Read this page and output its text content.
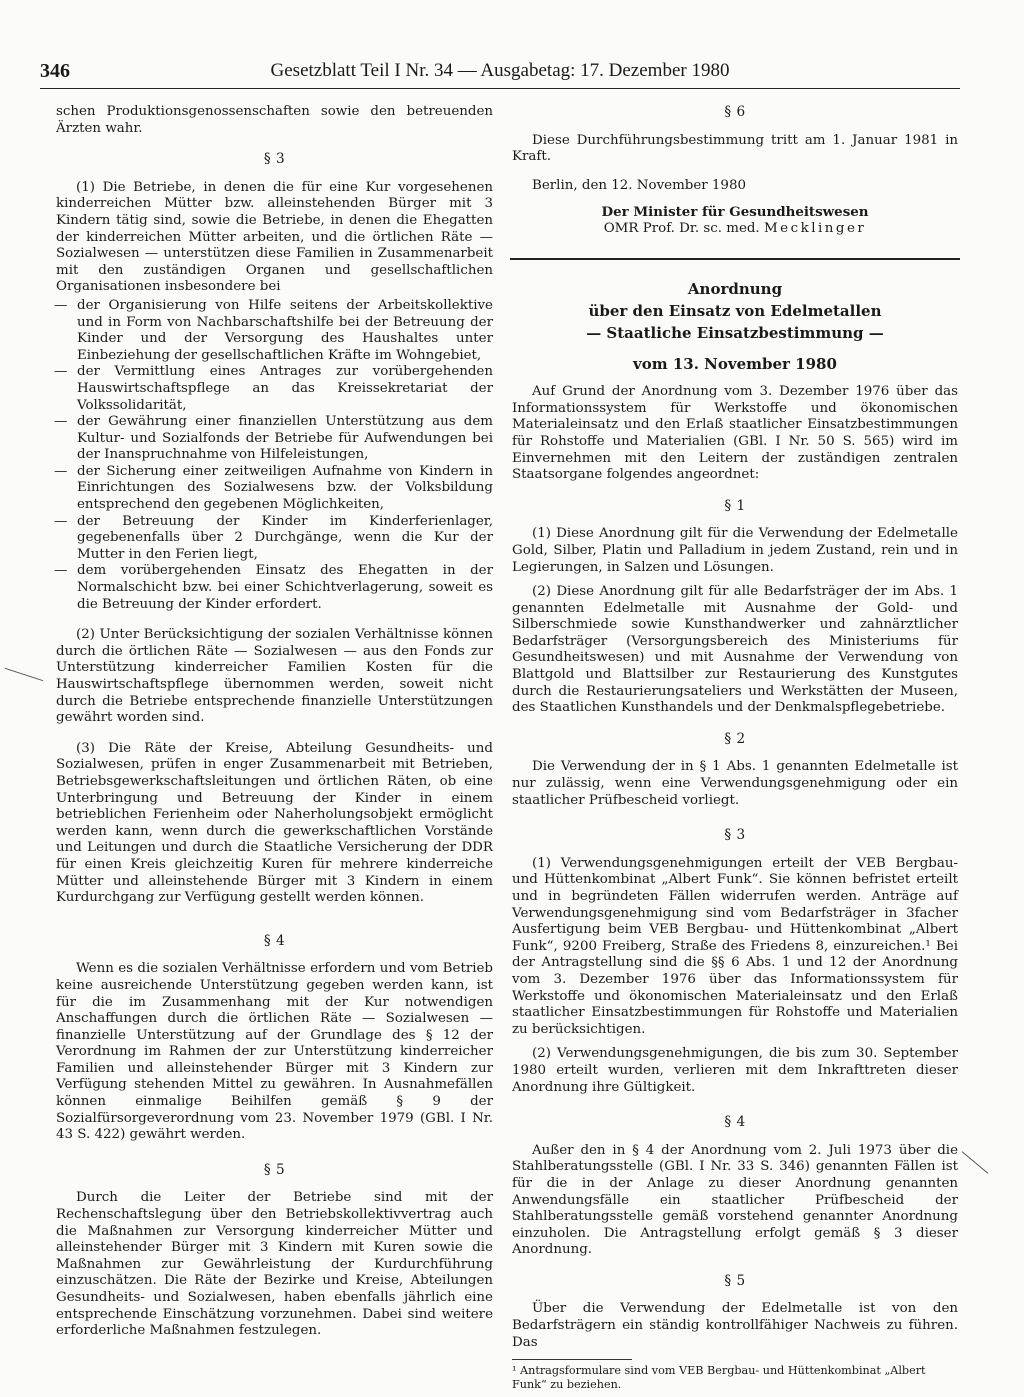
346	Gesetzblatt Teil I Nr. 34 — Ausgabetag: 17. Dezember 1980

schen Produktionsgenossenschaften sowie den betreuenden Ärzten wahr.

§ 3

(1) Die Betriebe, in denen die für eine Kur vorgesehenen kinderreichen Mütter bzw. alleinstehenden Bürger mit 3 Kindern tätig sind, sowie die Betriebe, in denen die Ehegatten der kinderreichen Mütter arbeiten, und die örtlichen Räte — Sozialwesen — unterstützen diese Familien in Zusammenarbeit mit den zuständigen Organen und gesellschaftlichen Organisationen insbesondere bei

— der Organisierung von Hilfe seitens der Arbeitskollektive und in Form von Nachbarschaftshilfe bei der Betreuung der Kinder und der Versorgung des Haushaltes unter Einbeziehung der gesellschaftlichen Kräfte im Wohngebiet,
— der Vermittlung eines Antrages zur vorübergehenden Hauswirtschaftspflege an das Kreissekretariat der Volkssolidarität,
— der Gewährung einer finanziellen Unterstützung aus dem Kultur- und Sozialfonds der Betriebe für Aufwendungen bei der Inanspruchnahme von Hilfeleistungen,
— der Sicherung einer zeitweiligen Aufnahme von Kindern in Einrichtungen des Sozialwesens bzw. der Volksbildung entsprechend den gegebenen Möglichkeiten,
— der Betreuung der Kinder im Kinderferienlager, gegebenenfalls über 2 Durchgänge, wenn die Kur der Mutter in den Ferien liegt,
— dem vorübergehenden Einsatz des Ehegatten in der Normalschicht bzw. bei einer Schichtverlagerung, soweit es die Betreuung der Kinder erfordert.

(2) Unter Berücksichtigung der sozialen Verhältnisse können durch die örtlichen Räte — Sozialwesen — aus den Fonds zur Unterstützung kinderreicher Familien Kosten für die Hauswirtschaftspflege übernommen werden, soweit nicht durch die Betriebe entsprechende finanzielle Unterstützungen gewährt worden sind.

(3) Die Räte der Kreise, Abteilung Gesundheits- und Sozialwesen, prüfen in enger Zusammenarbeit mit Betrieben, Betriebsgewerkschaftsleitungen und örtlichen Räten, ob eine Unterbringung und Betreuung der Kinder in einem betrieblichen Ferienheim oder Naherholungsobjekt ermöglicht werden kann, wenn durch die gewerkschaftlichen Vorstände und Leitungen und durch die Staatliche Versicherung der DDR für einen Kreis gleichzeitig Kuren für mehrere kinderreiche Mütter und alleinstehende Bürger mit 3 Kindern in einem Kurdurchgang zur Verfügung gestellt werden können.

§ 4

Wenn es die sozialen Verhältnisse erfordern und vom Betrieb keine ausreichende Unterstützung gegeben werden kann, ist für die im Zusammenhang mit der Kur notwendigen Anschaffungen durch die örtlichen Räte — Sozialwesen — finanzielle Unterstützung auf der Grundlage des § 12 der Verordnung im Rahmen der zur Unterstützung kinderreicher Familien und alleinstehender Bürger mit 3 Kindern zur Verfügung stehenden Mittel zu gewähren. In Ausnahmefällen können einmalige Beihilfen gemäß § 9 der Sozialfürsorgeverordnung vom 23. November 1979 (GBl. I Nr. 43 S. 422) gewährt werden.

§ 5

Durch die Leiter der Betriebe sind mit der Rechenschaftslegung über den Betriebskollektivvertrag auch die Maßnahmen zur Versorgung kinderreicher Mütter und alleinstehender Bürger mit 3 Kindern mit Kuren sowie die Maßnahmen zur Gewährleistung der Kurdurchführung einzuschätzen. Die Räte der Bezirke und Kreise, Abteilungen Gesundheits- und Sozialwesen, haben ebenfalls jährlich eine entsprechende Einschätzung vorzunehmen. Dabei sind weitere erforderliche Maßnahmen festzulegen.

§ 6

Diese Durchführungsbestimmung tritt am 1. Januar 1981 in Kraft.

Berlin, den 12. November 1980

Der Minister für Gesundheitswesen
OMR Prof. Dr. sc. med. Mecklinger
Anordnung
über den Einsatz von Edelmetallen
— Staatliche Einsatzbestimmung —
vom 13. November 1980

Auf Grund der Anordnung vom 3. Dezember 1976 über das Informationssystem für Werkstoffe und ökonomischen Materialeinsatz und den Erlaß staatlicher Einsatzbestimmungen für Rohstoffe und Materialien (GBl. I Nr. 50 S. 565) wird im Einvernehmen mit den Leitern der zuständigen zentralen Staatsorgane folgendes angeordnet:

§ 1

(1) Diese Anordnung gilt für die Verwendung der Edelmetalle Gold, Silber, Platin und Palladium in jedem Zustand, rein und in Legierungen, in Salzen und Lösungen.

(2) Diese Anordnung gilt für alle Bedarfsträger der im Abs. 1 genannten Edelmetalle mit Ausnahme der Gold- und Silberschmiede sowie Kunsthandwerker und zahnärztlicher Bedarfsträger (Versorgungsbereich des Ministeriums für Gesundheitswesen) und mit Ausnahme der Verwendung von Blattgold und Blattsilber zur Restaurierung des Kunstgutes durch die Restaurierungsateliers und Werkstätten der Museen, des Staatlichen Kunsthandels und der Denkmalspflegebetriebe.

§ 2

Die Verwendung der in § 1 Abs. 1 genannten Edelmetalle ist nur zulässig, wenn eine Verwendungsgenehmigung oder ein staatlicher Prüfbescheid vorliegt.

§ 3

(1) Verwendungsgenehmigungen erteilt der VEB Bergbau- und Hüttenkombinat „Albert Funk“. Sie können befristet erteilt und in begründeten Fällen widerrufen werden. Anträge auf Verwendungsgenehmigung sind vom Bedarfsträger in 3facher Ausfertigung beim VEB Bergbau- und Hüttenkombinat „Albert Funk“, 9200 Freiberg, Straße des Friedens 8, einzureichen.¹ Bei der Antragstellung sind die §§ 6 Abs. 1 und 12 der Anordnung vom 3. Dezember 1976 über das Informationssystem für Werkstoffe und ökonomischen Materialeinsatz und den Erlaß staatlicher Einsatzbestimmungen für Rohstoffe und Materialien zu berücksichtigen.

(2) Verwendungsgenehmigungen, die bis zum 30. September 1980 erteilt wurden, verlieren mit dem Inkrafttreten dieser Anordnung ihre Gültigkeit.

§ 4

Außer den in § 4 der Anordnung vom 2. Juli 1973 über die Stahlberatungsstelle (GBl. I Nr. 33 S. 346) genannten Fällen ist für die in der Anlage zu dieser Anordnung genannten Anwendungsfälle ein staatlicher Prüfbescheid der Stahlberatungsstelle gemäß vorstehend genannter Anordnung einzuholen. Die Antragstellung erfolgt gemäß § 3 dieser Anordnung.

§ 5

Über die Verwendung der Edelmetalle ist von den Bedarfsträgern ein ständig kontrollfähiger Nachweis zu führen. Das

¹ Antragsformulare sind vom VEB Bergbau- und Hüttenkombinat „Albert Funk“ zu beziehen.
